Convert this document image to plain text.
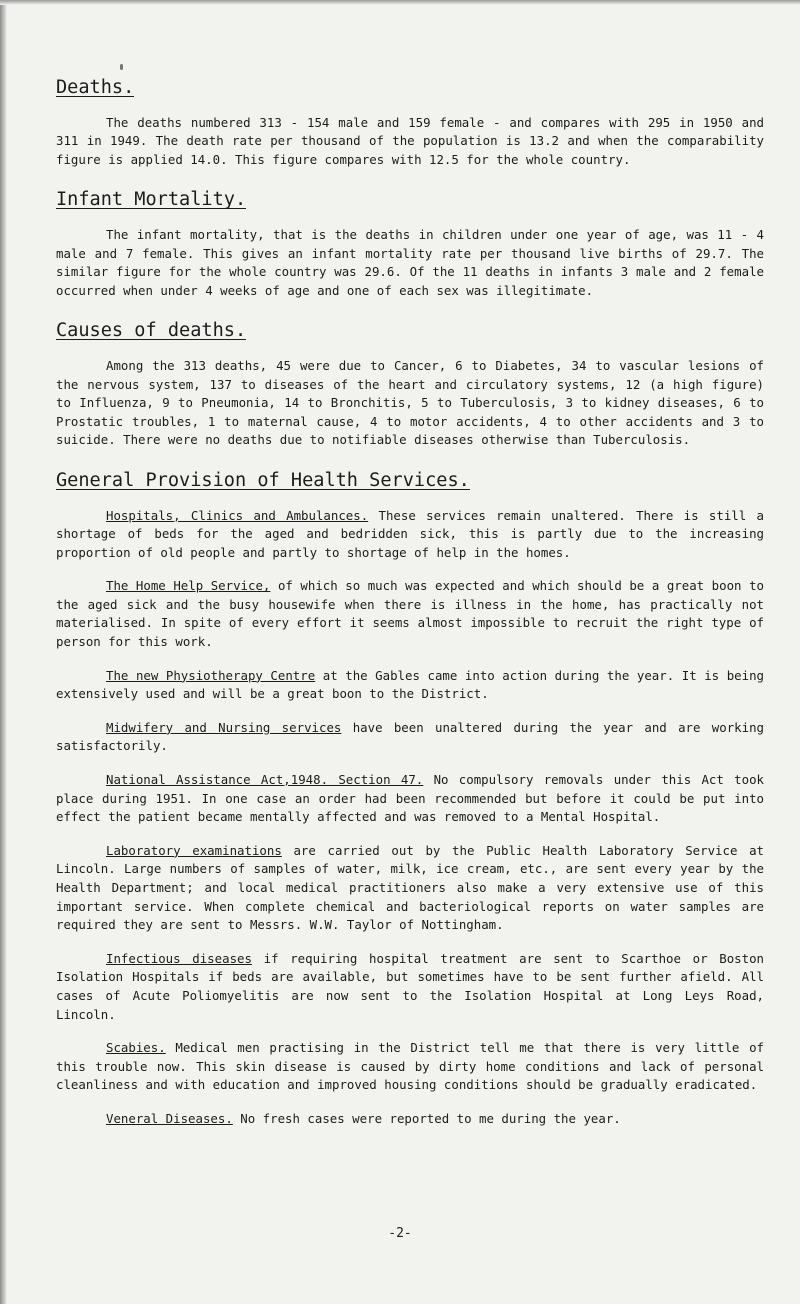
Deaths.

The deaths numbered 313 - 154 male and 159 female - and compares with 295 in 1950 and 311 in 1949. The death rate per thousand of the population is 13.2 and when the comparability figure is applied 14.0. This figure compares with 12.5 for the whole country.

Infant Mortality.

The infant mortality, that is the deaths in children under one year of age, was 11 - 4 male and 7 female. This gives an infant mortality rate per thousand live births of 29.7. The similar figure for the whole country was 29.6. Of the 11 deaths in infants 3 male and 2 female occurred when under 4 weeks of age and one of each sex was illegitimate.

Causes of deaths.

Among the 313 deaths, 45 were due to Cancer, 6 to Diabetes, 34 to vascular lesions of the nervous system, 137 to diseases of the heart and circulatory systems, 12 (a high figure) to Influenza, 9 to Pneumonia, 14 to Bronchitis, 5 to Tuberculosis, 3 to kidney diseases, 6 to Prostatic troubles, 1 to maternal cause, 4 to motor accidents, 4 to other accidents and 3 to suicide. There were no deaths due to notifiable diseases otherwise than Tuberculosis.

General Provision of Health Services.

Hospitals, Clinics and Ambulances. These services remain unaltered. There is still a shortage of beds for the aged and bedridden sick, this is partly due to the increasing proportion of old people and partly to shortage of help in the homes.

The Home Help Service, of which so much was expected and which should be a great boon to the aged sick and the busy housewife when there is illness in the home, has practically not materialised. In spite of every effort it seems almost impossible to recruit the right type of person for this work.

The new Physiotherapy Centre at the Gables came into action during the year. It is being extensively used and will be a great boon to the District.

Midwifery and Nursing services have been unaltered during the year and are working satisfactorily.

National Assistance Act,1948. Section 47. No compulsory removals under this Act took place during 1951. In one case an order had been recommended but before it could be put into effect the patient became mentally affected and was removed to a Mental Hospital.

Laboratory examinations are carried out by the Public Health Laboratory Service at Lincoln. Large numbers of samples of water, milk, ice cream, etc., are sent every year by the Health Department; and local medical practitioners also make a very extensive use of this important service. When complete chemical and bacteriological reports on water samples are required they are sent to Messrs. W.W. Taylor of Nottingham.

Infectious diseases if requiring hospital treatment are sent to Scarthoe or Boston Isolation Hospitals if beds are available, but sometimes have to be sent further afield. All cases of Acute Poliomyelitis are now sent to the Isolation Hospital at Long Leys Road, Lincoln.

Scabies. Medical men practising in the District tell me that there is very little of this trouble now. This skin disease is caused by dirty home conditions and lack of personal cleanliness and with education and improved housing conditions should be gradually eradicated.

Veneral Diseases. No fresh cases were reported to me during the year.

-2-
